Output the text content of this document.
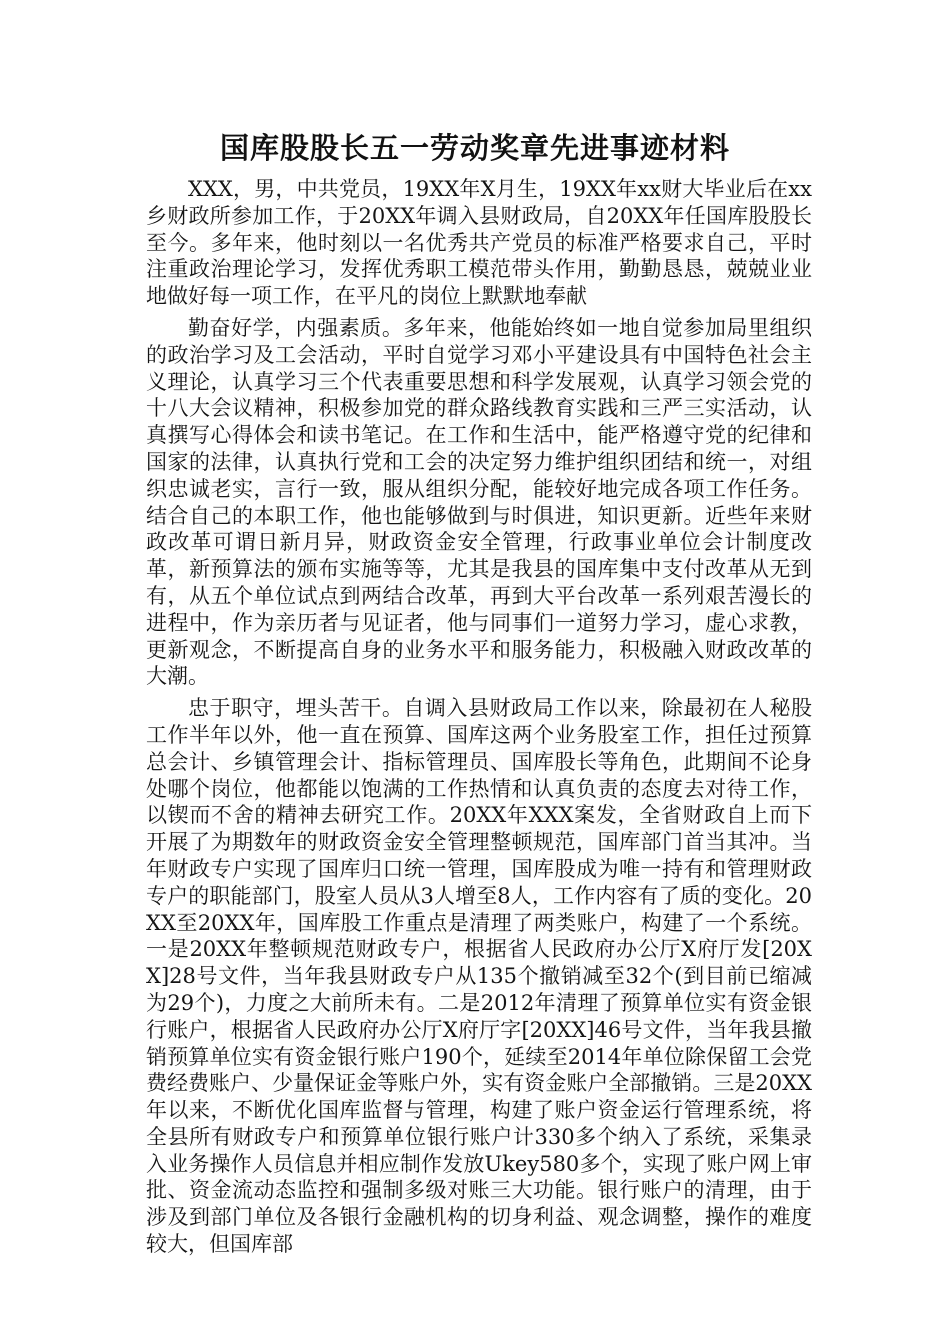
国库股股长五一劳动奖章先进事迹材料

XXX，男，中共党员，19XX年X月生，19XX年xx财大毕业后在xx乡财政所参加工作，于20XX年调入县财政局，自20XX年任国库股股长至今。多年来，他时刻以一名优秀共产党员的标准严格要求自己，平时注重政治理论学习，发挥优秀职工模范带头作用，勤勤恳恳，兢兢业业地做好每一项工作，在平凡的岗位上默默地奉献

勤奋好学，内强素质。多年来，他能始终如一地自觉参加局里组织的政治学习及工会活动，平时自觉学习邓小平建设具有中国特色社会主义理论，认真学习三个代表重要思想和科学发展观，认真学习领会党的十八大会议精神，积极参加党的群众路线教育实践和三严三实活动，认真撰写心得体会和读书笔记。在工作和生活中，能严格遵守党的纪律和国家的法律，认真执行党和工会的决定努力维护组织团结和统一，对组织忠诚老实，言行一致，服从组织分配，能较好地完成各项工作任务。结合自己的本职工作，他也能够做到与时俱进，知识更新。近些年来财政改革可谓日新月异，财政资金安全管理，行政事业单位会计制度改革，新预算法的颁布实施等等，尤其是我县的国库集中支付改革从无到有，从五个单位试点到两结合改革，再到大平台改革一系列艰苦漫长的进程中，作为亲历者与见证者，他与同事们一道努力学习，虚心求教，更新观念，不断提高自身的业务水平和服务能力，积极融入财政改革的大潮。

忠于职守，埋头苦干。自调入县财政局工作以来，除最初在人秘股工作半年以外，他一直在预算、国库这两个业务股室工作，担任过预算总会计、乡镇管理会计、指标管理员、国库股长等角色，此期间不论身处哪个岗位，他都能以饱满的工作热情和认真负责的态度去对待工作，以锲而不舍的精神去研究工作。20XX年XXX案发，全省财政自上而下开展了为期数年的财政资金安全管理整顿规范，国库部门首当其冲。当年财政专户实现了国库归口统一管理，国库股成为唯一持有和管理财政专户的职能部门，股室人员从3人增至8人，工作内容有了质的变化。20XX至20XX年，国库股工作重点是清理了两类账户，构建了一个系统。一是20XX年整顿规范财政专户，根据省人民政府办公厅X府厅发[20XX]28号文件，当年我县财政专户从135个撤销减至32个(到目前已缩减为29个)，力度之大前所未有。二是2012年清理了预算单位实有资金银行账户，根据省人民政府办公厅X府厅字[20XX]46号文件，当年我县撤销预算单位实有资金银行账户190个，延续至2014年单位除保留工会党费经费账户、少量保证金等账户外，实有资金账户全部撤销。三是20XX年以来，不断优化国库监督与管理，构建了账户资金运行管理系统，将全县所有财政专户和预算单位银行账户计330多个纳入了系统，采集录入业务操作人员信息并相应制作发放Ukey580多个，实现了账户网上审批、资金流动态监控和强制多级对账三大功能。银行账户的清理，由于涉及到部门单位及各银行金融机构的切身利益、观念调整，操作的难度较大，但国库部
